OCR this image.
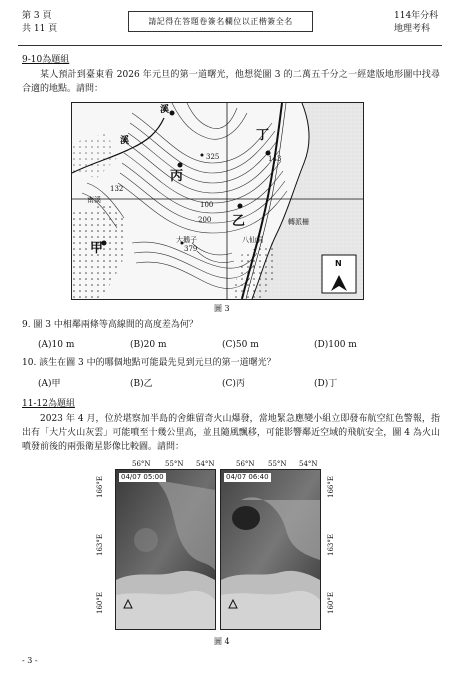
第 3 頁
共 11 頁
請記得在答題卷簽名欄位以正楷簽全名
114年分科
地理考科
9-10為題組
某人預計到臺東看 2026 年元旦的第一道曙光，他想從圖 3 的二萬五千分之一經建版地形圖中找尋合適的地點。請問：
溪
溪
南溪
丙
丁
乙
甲
325	143
132
100
200
大鵝子
379
八仙洞
轉派柵
N
圖 3
9. 圖 3 中相鄰兩條等高線間的高度差為何？
(A)10 m	(B)20 m	(C)50 m	(D)100 m
10. 該生在圖 3 中的哪個地點可能最先見到元旦的第一道曙光？
(A)甲	(B)乙	(C)丙	(D)丁
11-12為題組
2023 年 4 月，位於堪察加半島的舍維留奇火山爆發，當地緊急應變小組立即發布航空紅色警報，指出有「大片火山灰雲」可能噴至十幾公里高，並且隨風飄移，可能影響鄰近空域的飛航安全，圖 4 為火山噴發前後的兩張衛星影像比較圖。請問：
56°N 55°N 54°N	56°N 55°N 54°N
166°E
163°E
160°E
166°E
163°E
160°E
04/07 05:00	04/07 06:40
圖 4
- 3 -
